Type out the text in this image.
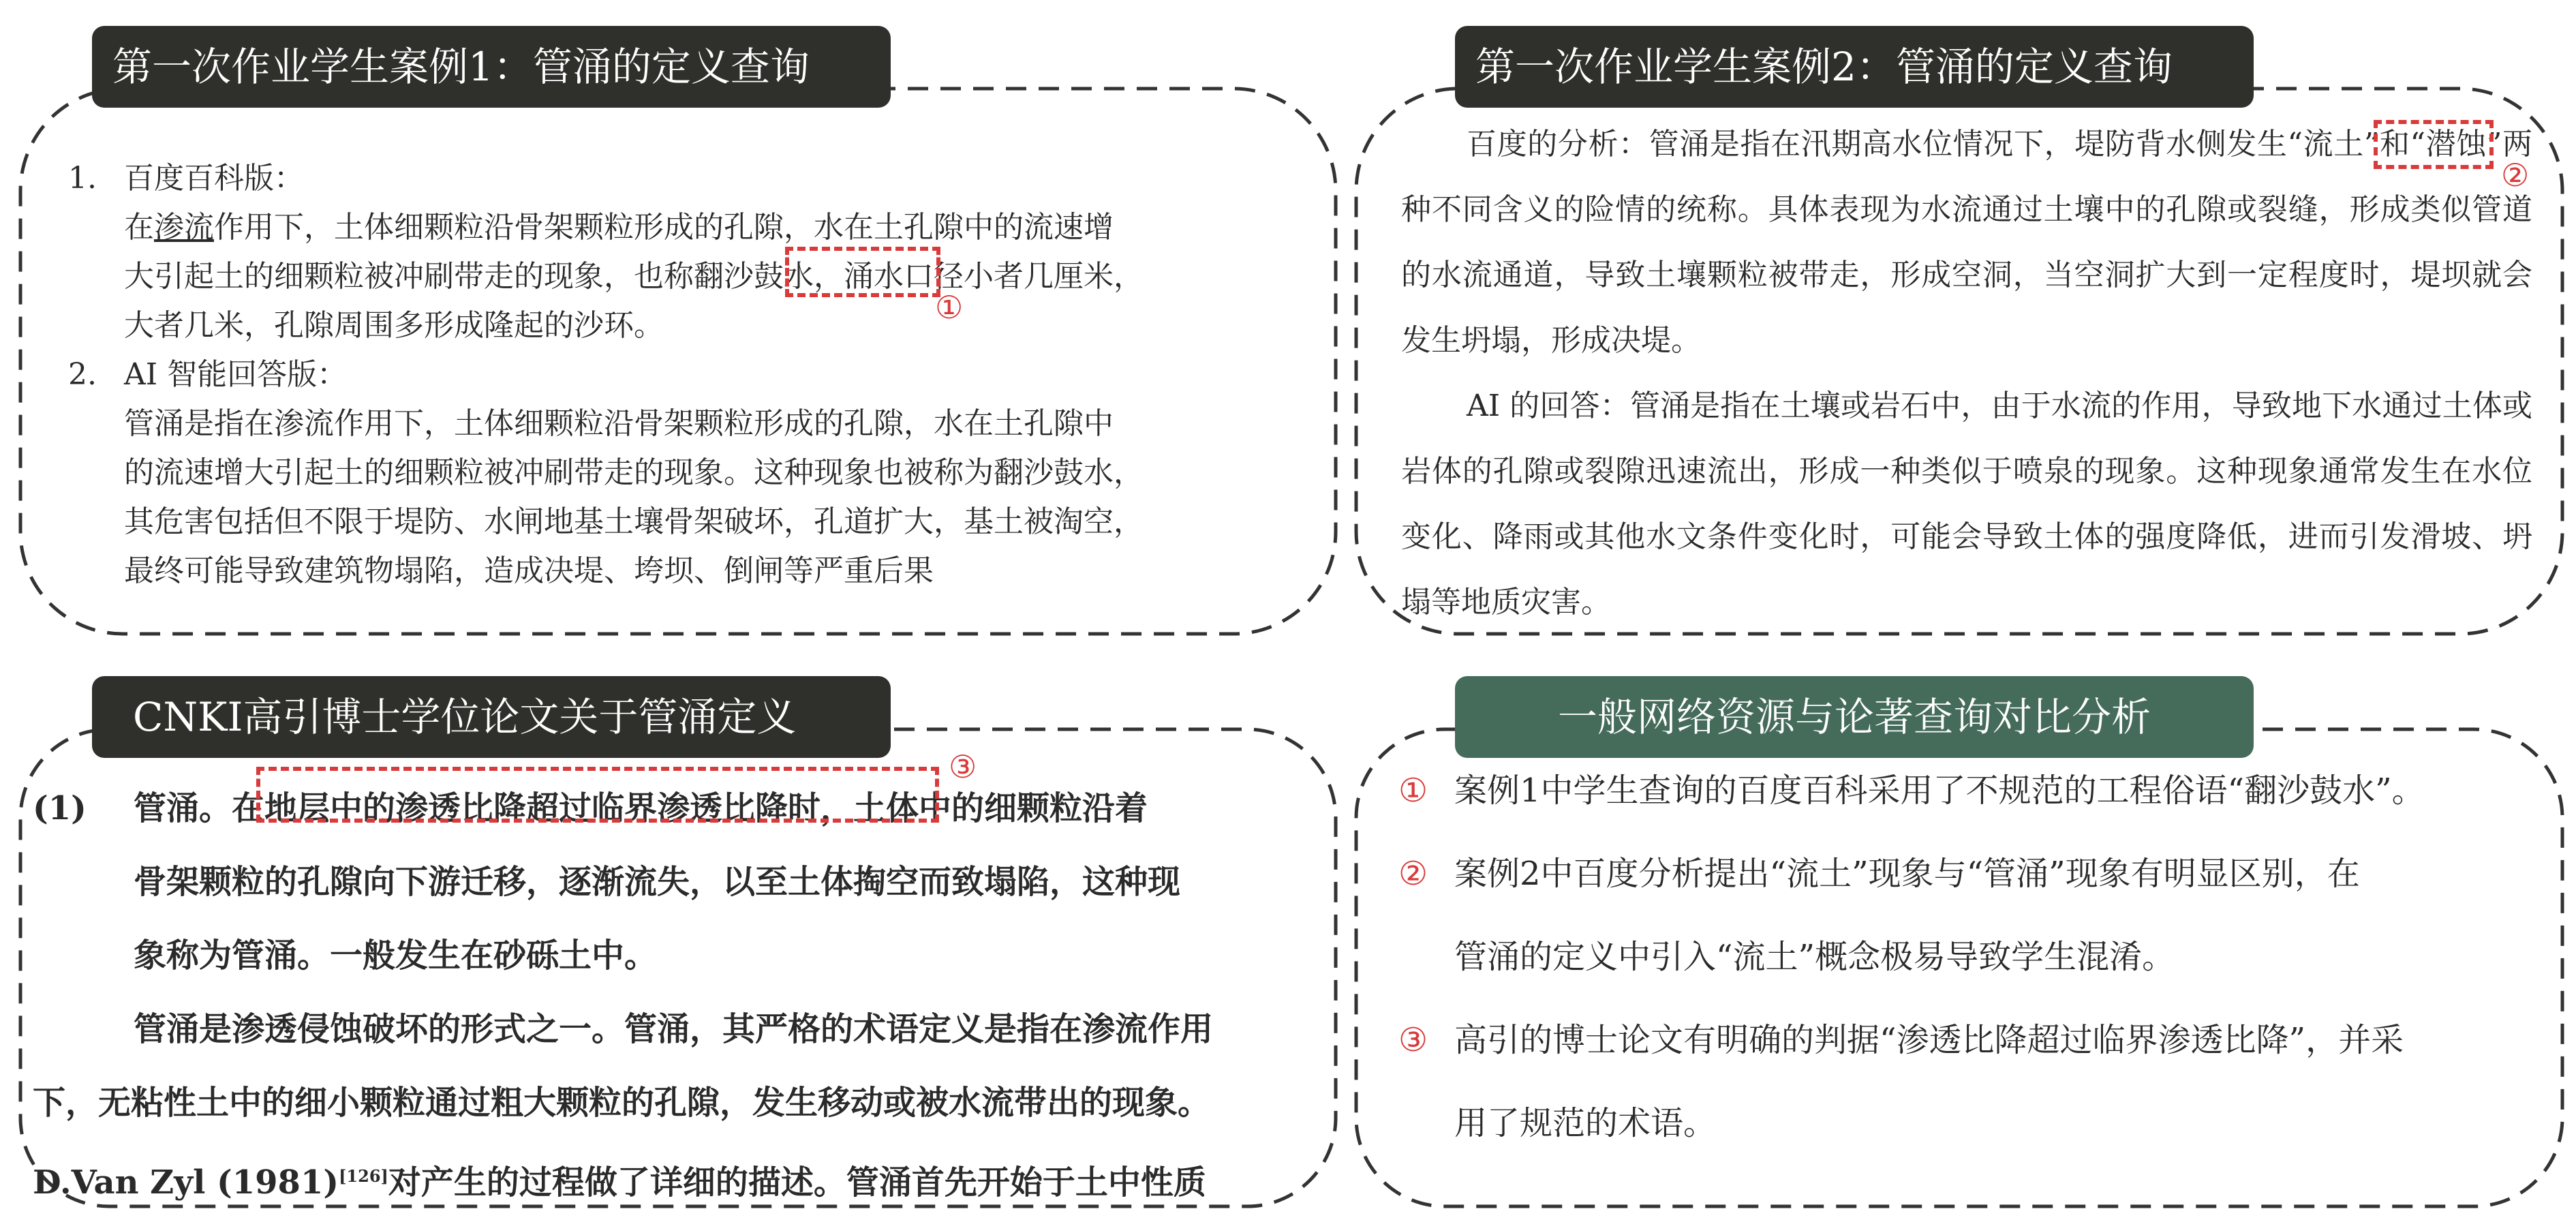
第一次作业学生案例1：管涌的定义查询
1. 百度百科版：
在渗流作用下，土体细颗粒沿骨架颗粒形成的孔隙，水在土孔隙中的流速增
大引起土的细颗粒被冲刷带走的现象，也称翻沙鼓水，涌水口径小者几厘米，
大者几米，孔隙周围多形成隆起的沙环。
2. AI 智能回答版：
管涌是指在渗流作用下，土体细颗粒沿骨架颗粒形成的孔隙，水在土孔隙中
的流速增大引起土的细颗粒被冲刷带走的现象。这种现象也被称为翻沙鼓水，
其危害包括但不限于堤防、水闸地基土壤骨架破坏，孔道扩大，基土被淘空，
最终可能导致建筑物塌陷，造成决堤、垮坝、倒闸等严重后果
①
第一次作业学生案例2：管涌的定义查询

百度的分析：管涌是指在汛期高水位情况下，堤防背水侧发生“流土”和“潜蚀”两种不同含义的险情的统称。具体表现为水流通过土壤中的孔隙或裂缝，形成类似管道的水流通道，导致土壤颗粒被带走，形成空洞，当空洞扩大到一定程度时，堤坝就会发生坍塌，形成决堤。

AI 的回答：管涌是指在土壤或岩石中，由于水流的作用，导致地下水通过土体或岩体的孔隙或裂隙迅速流出，形成一种类似于喷泉的现象。这种现象通常发生在水位变化、降雨或其他水文条件变化时，可能会导致土体的强度降低，进而引发滑坡、坍塌等地质灾害。

②
CNKI高引博士学位论文关于管涌定义
(1) 管涌。在地层中的渗透比降超过临界渗透比降时，土体中的细颗粒沿着
骨架颗粒的孔隙向下游迁移，逐渐流失，以至土体掏空而致塌陷，这种现
象称为管涌。一般发生在砂砾土中。
管涌是渗透侵蚀破坏的形式之一。管涌，其严格的术语定义是指在渗流作用
下，无粘性土中的细小颗粒通过粗大颗粒的孔隙，发生移动或被水流带出的现象。
D.Van Zyl (1981)[126]对产生的过程做了详细的描述。管涌首先开始于土中性质
③
一般网络资源与论著查询对比分析
① 案例1中学生查询的百度百科采用了不规范的工程俗语“翻沙鼓水”。
② 案例2中百度分析提出“流土”现象与“管涌”现象有明显区别，在
管涌的定义中引入“流土”概念极易导致学生混淆。
③ 高引的博士论文有明确的判据“渗透比降超过临界渗透比降”，并采
用了规范的术语。
